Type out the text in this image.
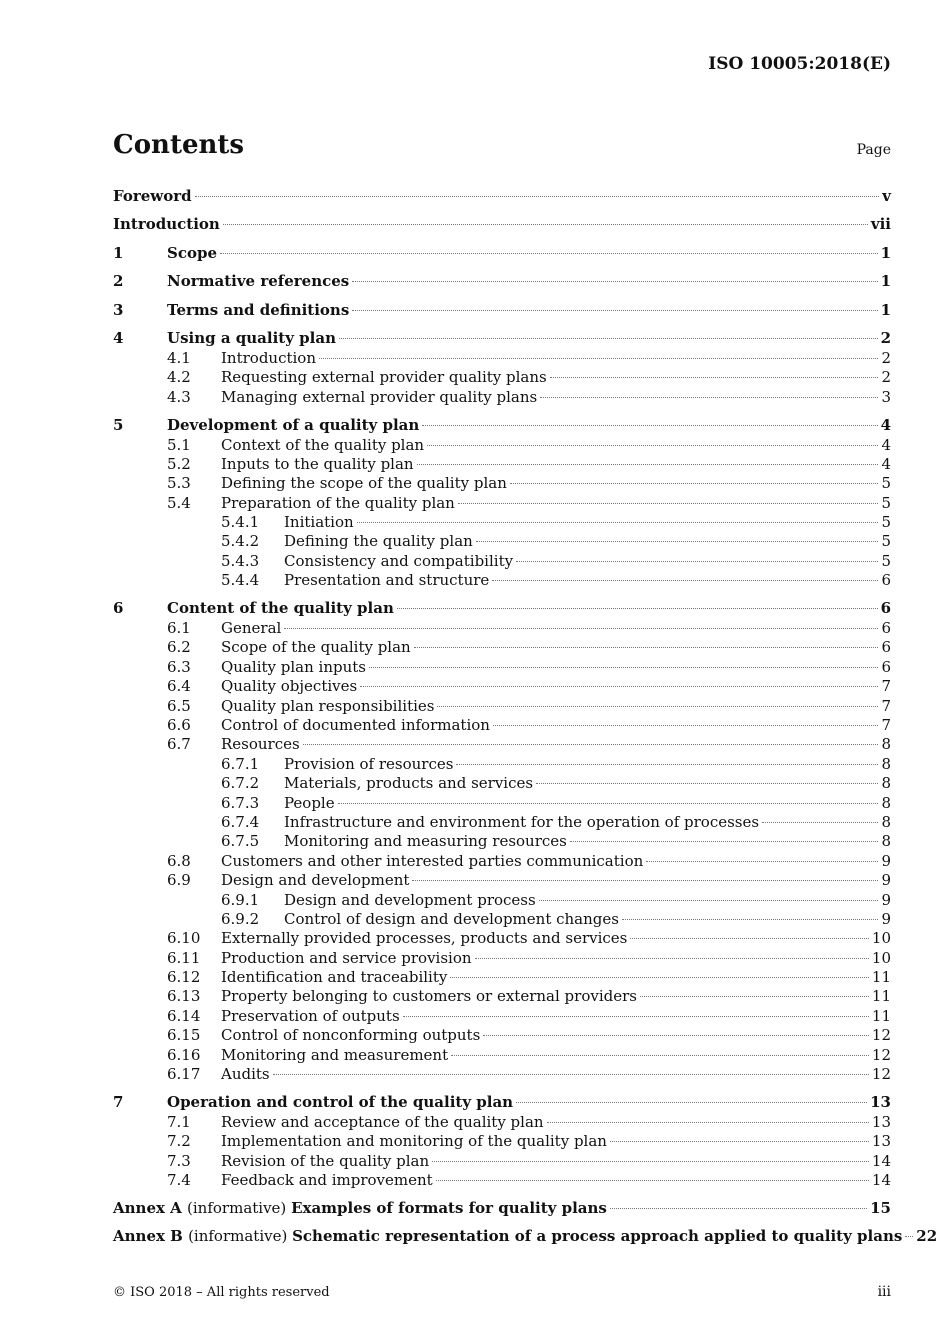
ISO 10005:2018(E)
Contents	Page
Foreword	v
Introduction	vii
1	Scope	1
2	Normative references	1
3	Terms and definitions	1
4	Using a quality plan	2
4.1	Introduction	2
4.2	Requesting external provider quality plans	2
4.3	Managing external provider quality plans	3
5	Development of a quality plan	4
5.1	Context of the quality plan	4
5.2	Inputs to the quality plan	4
5.3	Defining the scope of the quality plan	5
5.4	Preparation of the quality plan	5
5.4.1	Initiation	5
5.4.2	Defining the quality plan	5
5.4.3	Consistency and compatibility	5
5.4.4	Presentation and structure	6
6	Content of the quality plan	6
6.1	General	6
6.2	Scope of the quality plan	6
6.3	Quality plan inputs	6
6.4	Quality objectives	7
6.5	Quality plan responsibilities	7
6.6	Control of documented information	7
6.7	Resources	8
6.7.1	Provision of resources	8
6.7.2	Materials, products and services	8
6.7.3	People	8
6.7.4	Infrastructure and environment for the operation of processes	8
6.7.5	Monitoring and measuring resources	8
6.8	Customers and other interested parties communication	9
6.9	Design and development	9
6.9.1	Design and development process	9
6.9.2	Control of design and development changes	9
6.10	Externally provided processes, products and services	10
6.11	Production and service provision	10
6.12	Identification and traceability	11
6.13	Property belonging to customers or external providers	11
6.14	Preservation of outputs	11
6.15	Control of nonconforming outputs	12
6.16	Monitoring and measurement	12
6.17	Audits	12
7	Operation and control of the quality plan	13
7.1	Review and acceptance of the quality plan	13
7.2	Implementation and monitoring of the quality plan	13
7.3	Revision of the quality plan	14
7.4	Feedback and improvement	14
Annex A (informative) Examples of formats for quality plans	15
Annex B (informative) Schematic representation of a process approach applied to quality plans 22
© ISO 2018 – All rights reserved	iii
